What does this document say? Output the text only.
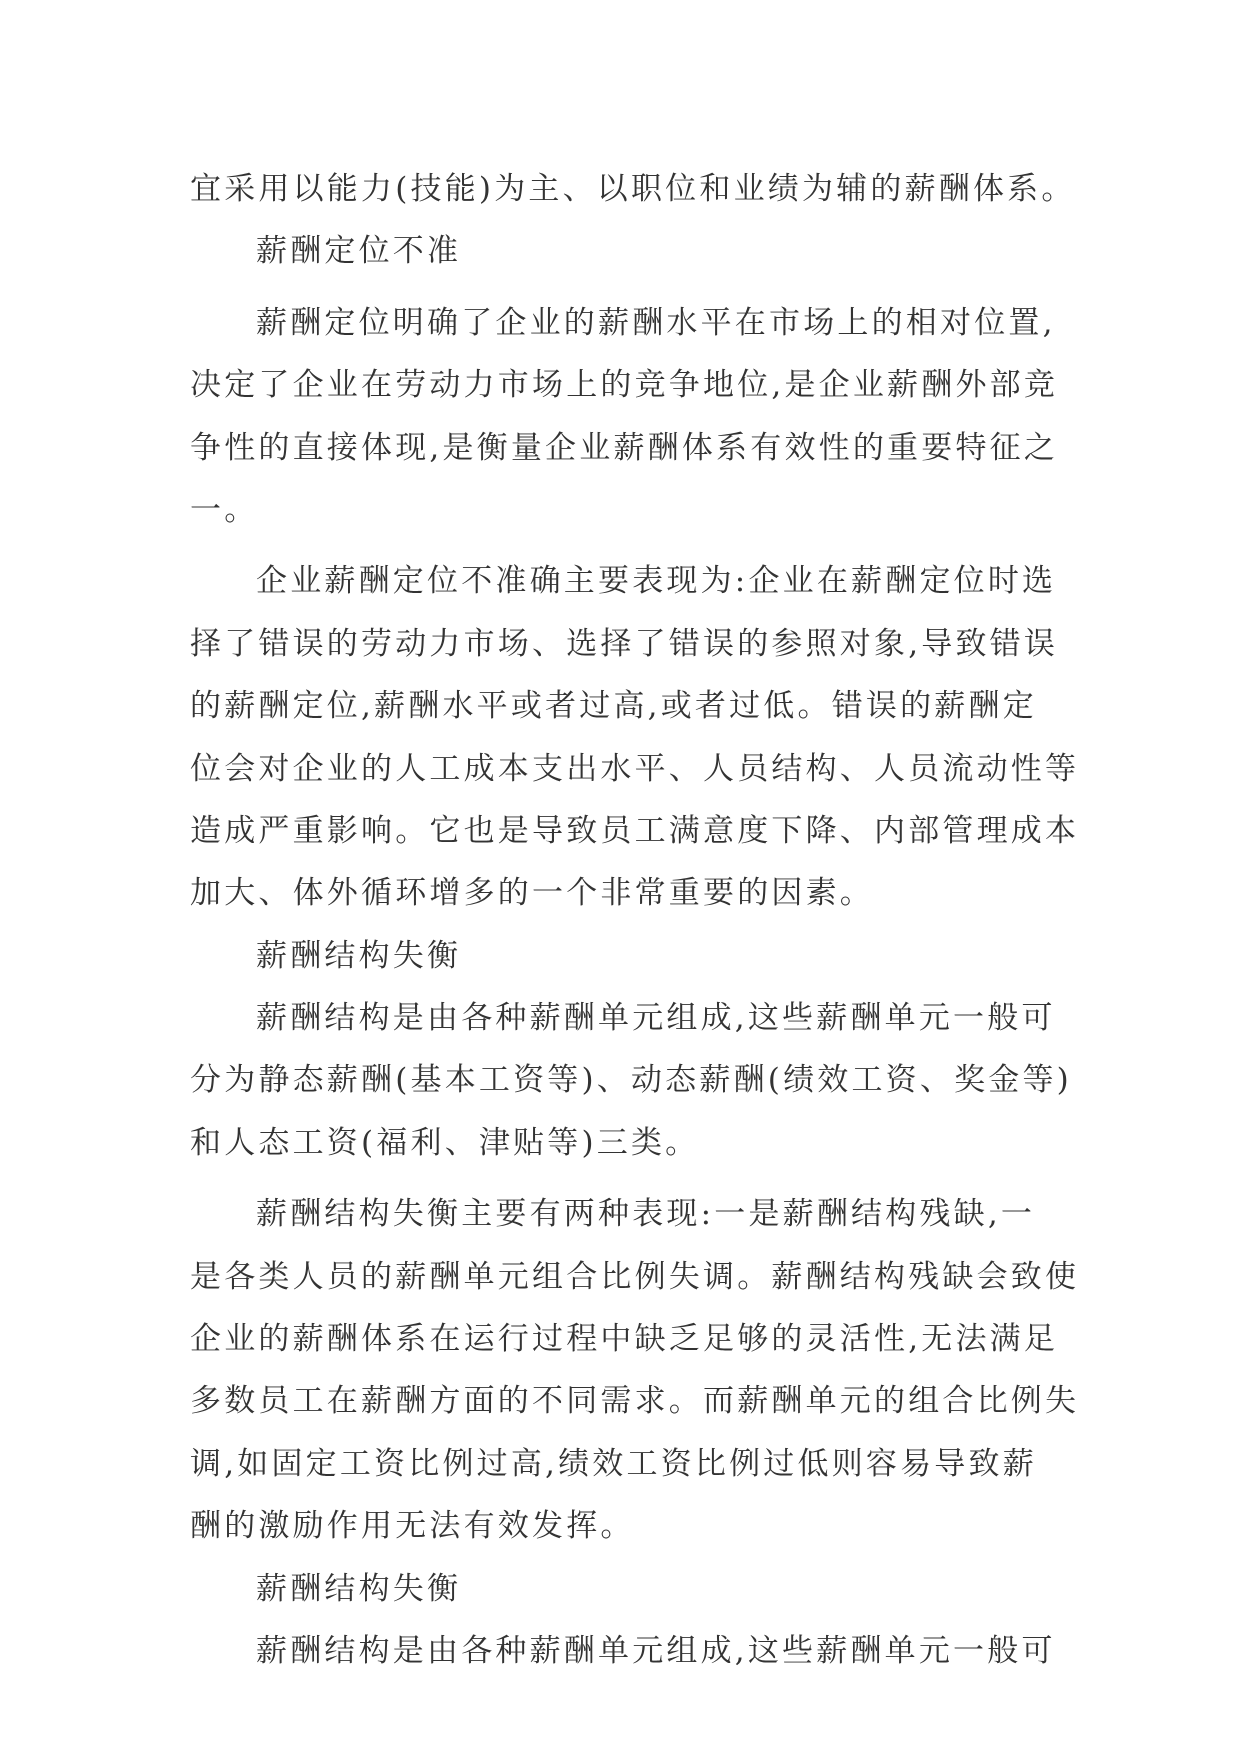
宜采用以能力(技能)为主、以职位和业绩为辅的薪酬体系。
薪酬定位不准
薪酬定位明确了企业的薪酬水平在市场上的相对位置,
决定了企业在劳动力市场上的竞争地位,是企业薪酬外部竞
争性的直接体现,是衡量企业薪酬体系有效性的重要特征之
一。
企业薪酬定位不准确主要表现为:企业在薪酬定位时选
择了错误的劳动力市场、选择了错误的参照对象,导致错误
的薪酬定位,薪酬水平或者过高,或者过低。错误的薪酬定
位会对企业的人工成本支出水平、人员结构、人员流动性等
造成严重影响。它也是导致员工满意度下降、内部管理成本
加大、体外循环增多的一个非常重要的因素。
薪酬结构失衡
薪酬结构是由各种薪酬单元组成,这些薪酬单元一般可
分为静态薪酬(基本工资等)、动态薪酬(绩效工资、奖金等)
和人态工资(福利、津贴等)三类。
薪酬结构失衡主要有两种表现:一是薪酬结构残缺,一
是各类人员的薪酬单元组合比例失调。薪酬结构残缺会致使
企业的薪酬体系在运行过程中缺乏足够的灵活性,无法满足
多数员工在薪酬方面的不同需求。而薪酬单元的组合比例失
调,如固定工资比例过高,绩效工资比例过低则容易导致薪
酬的激励作用无法有效发挥。
薪酬结构失衡
薪酬结构是由各种薪酬单元组成,这些薪酬单元一般可
